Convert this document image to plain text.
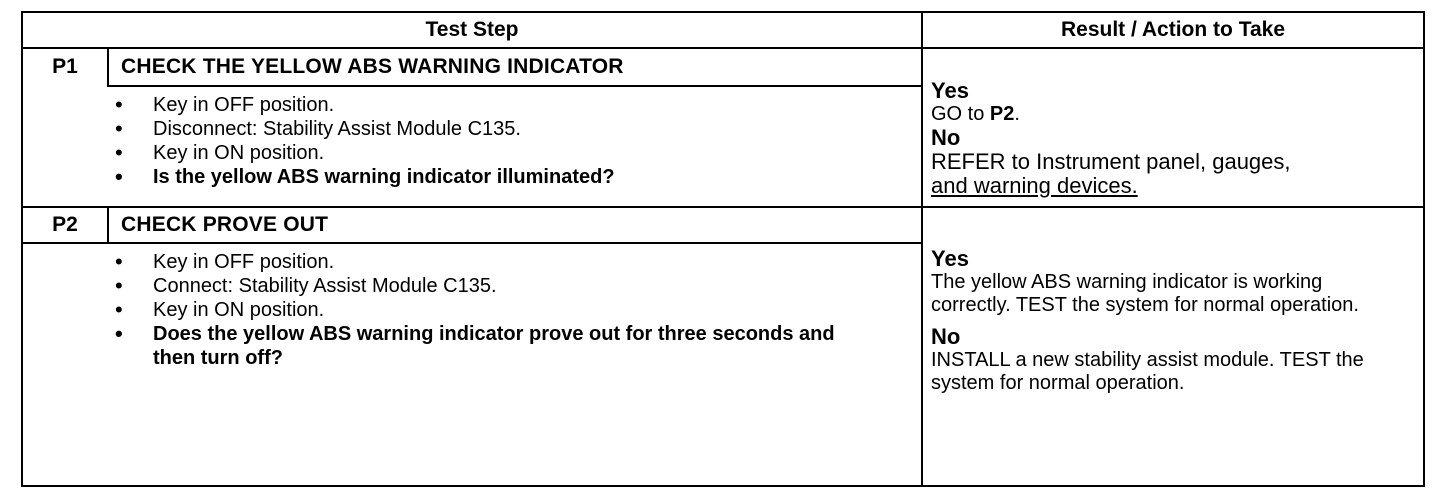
Test Step	Result / Action to Take
P1	CHECK THE YELLOW ABS WARNING INDICATOR
• Key in OFF position.
• Disconnect: Stability Assist Module C135.
• Key in ON position.
• Is the yellow ABS warning indicator illuminated?
Yes
GO to P2.
No
REFER to Instrument panel, gauges,
and warning devices.
P2	CHECK PROVE OUT
• Key in OFF position.
• Connect: Stability Assist Module C135.
• Key in ON position.
• Does the yellow ABS warning indicator prove out for three seconds and then turn off?
Yes
The yellow ABS warning indicator is working correctly. TEST the system for normal operation.
No
INSTALL a new stability assist module. TEST the system for normal operation.
